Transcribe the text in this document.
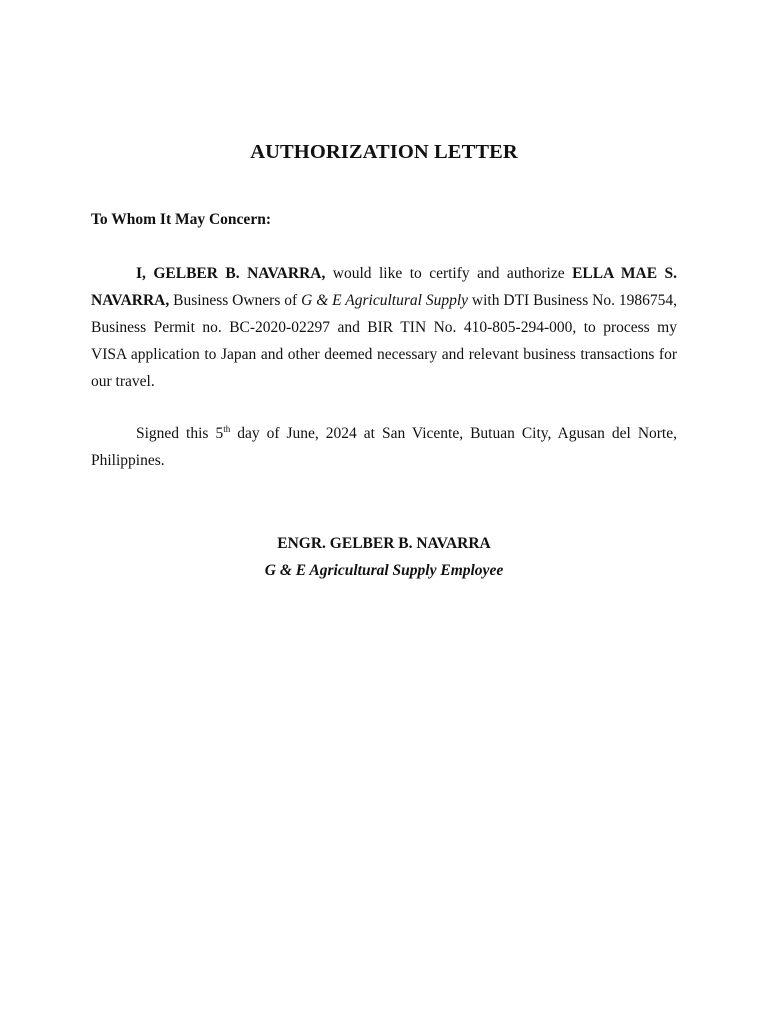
AUTHORIZATION LETTER
To Whom It May Concern:

I, GELBER B. NAVARRA, would like to certify and authorize ELLA MAE S. NAVARRA, Business Owners of G & E Agricultural Supply with DTI Business No. 1986754, Business Permit no. BC-2020-02297 and BIR TIN No. 410-805-294-000, to process my VISA application to Japan and other deemed necessary and relevant business transactions for our travel.

Signed this 5th day of June, 2024 at San Vicente, Butuan City, Agusan del Norte, Philippines.

ENGR. GELBER B. NAVARRA
G & E Agricultural Supply Employee
